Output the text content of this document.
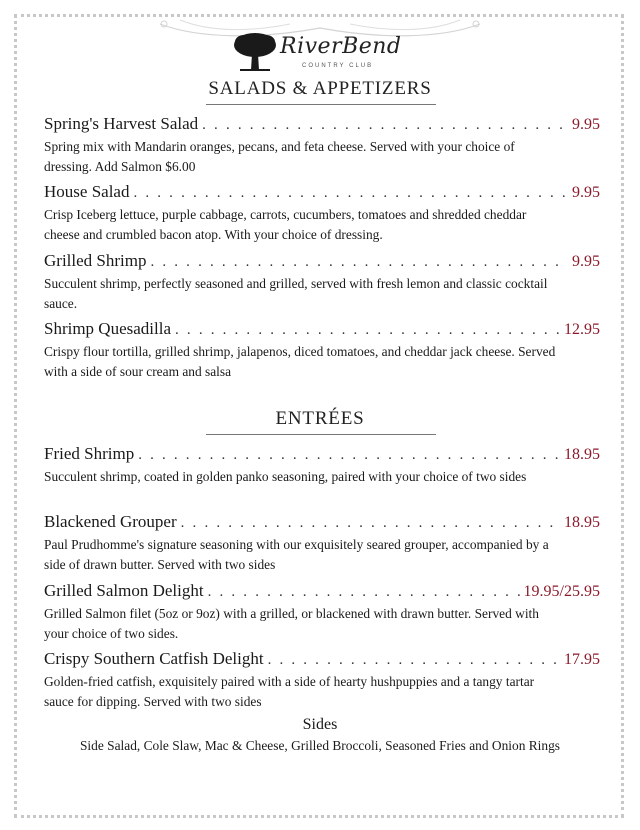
RiverBend
COUNTRY CLUB
SALADS & APPETIZERS
Spring's Harvest Salad . . .	9.95
Spring mix with Mandarin oranges, pecans, and feta cheese. Served with your choice of dressing. Add Salmon $6.00
House Salad . . .	9.95
Crisp Iceberg lettuce, purple cabbage, carrots, cucumbers, tomatoes and shredded cheddar cheese and crumbled bacon atop. With your choice of dressing.
Grilled Shrimp . . .	9.95
Succulent shrimp, perfectly seasoned and grilled, served with fresh lemon and classic cocktail sauce.
Shrimp Quesadilla . . .	12.95
Crispy flour tortilla, grilled shrimp, jalapenos, diced tomatoes, and cheddar jack cheese. Served with a side of sour cream and salsa
ENTRÉES
Fried Shrimp . . .	18.95
Succulent shrimp, coated in golden panko seasoning, paired with your choice of two sides
Blackened Grouper . . .	18.95
Paul Prudhomme's signature seasoning with our exquisitely seared grouper, accompanied by a side of drawn butter. Served with two sides
Grilled Salmon Delight . . .	19.95/25.95
Grilled Salmon filet (5oz or 9oz) with a grilled, or blackened with drawn butter. Served with your choice of two sides.
Crispy Southern Catfish Delight . . .	17.95
Golden-fried catfish, exquisitely paired with a side of hearty hushpuppies and a tangy tartar sauce for dipping. Served with two sides
Sides
Side Salad, Cole Slaw, Mac & Cheese, Grilled Broccoli, Seasoned Fries and Onion Rings
